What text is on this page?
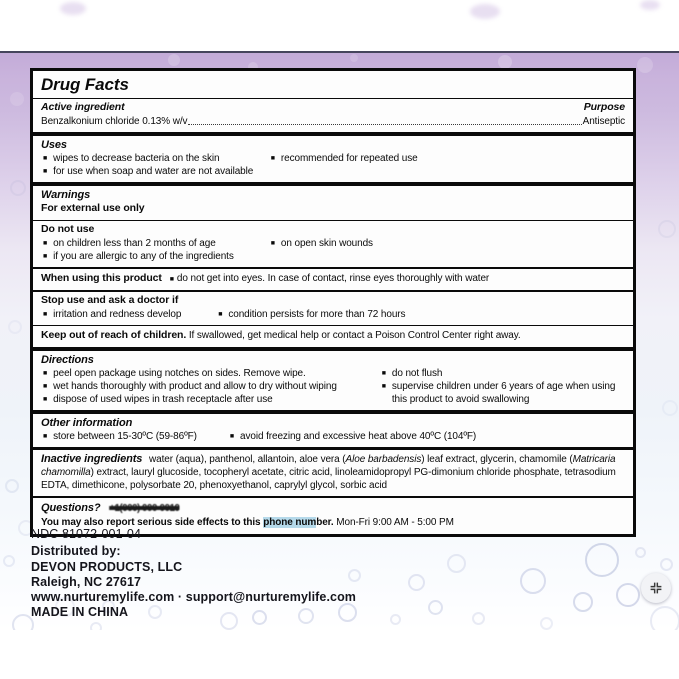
Drug Facts
Active ingredient	Purpose
Benzalkonium chloride 0.13% w/v	Antiseptic
Uses
■ wipes to decrease bacteria on the skin
■ for use when soap and water are not available
■ recommended for repeated use
Warnings
For external use only
Do not use
■ on children less than 2 months of age
■ if you are allergic to any of the ingredients
■ on open skin wounds
When using this product ■ do not get into eyes. In case of contact, rinse eyes thoroughly with water
Stop use and ask a doctor if
■ irritation and redness develop	■ condition persists for more than 72 hours
Keep out of reach of children. If swallowed, get medical help or contact a Poison Control Center right away.
Directions
■ peel open package using notches on sides. Remove wipe.
■ wet hands thoroughly with product and allow to dry without wiping
■ dispose of used wipes in trash receptacle after use
■ do not flush
■ supervise children under 6 years of age when using this product to avoid swallowing
Other information
■ store between 15-30ºC (59-86ºF)	■ avoid freezing and excessive heat above 40ºC (104ºF)
Inactive ingredients water (aqua), panthenol, allantoin, aloe vera (Aloe barbadensis) leaf extract, glycerin, chamomile (Matricaria chamomilla) extract, lauryl glucoside, tocopheryl acetate, citric acid, linoleamidopropyl PG-dimonium chloride phosphate, tetrasodium EDTA, dimethicone, polysorbate 20, phenoxyethanol, caprylyl glycol, sorbic acid
Questions? +1(000) 000-0010
You may also report serious side effects to this phone number. Mon-Fri 9:00 AM - 5:00 PM
NDC 81072-001-04
Distributed by:
DEVON PRODUCTS, LLC
Raleigh, NC 27617
www.nurturemylife.com · support@nurturemylife.com
MADE IN CHINA
